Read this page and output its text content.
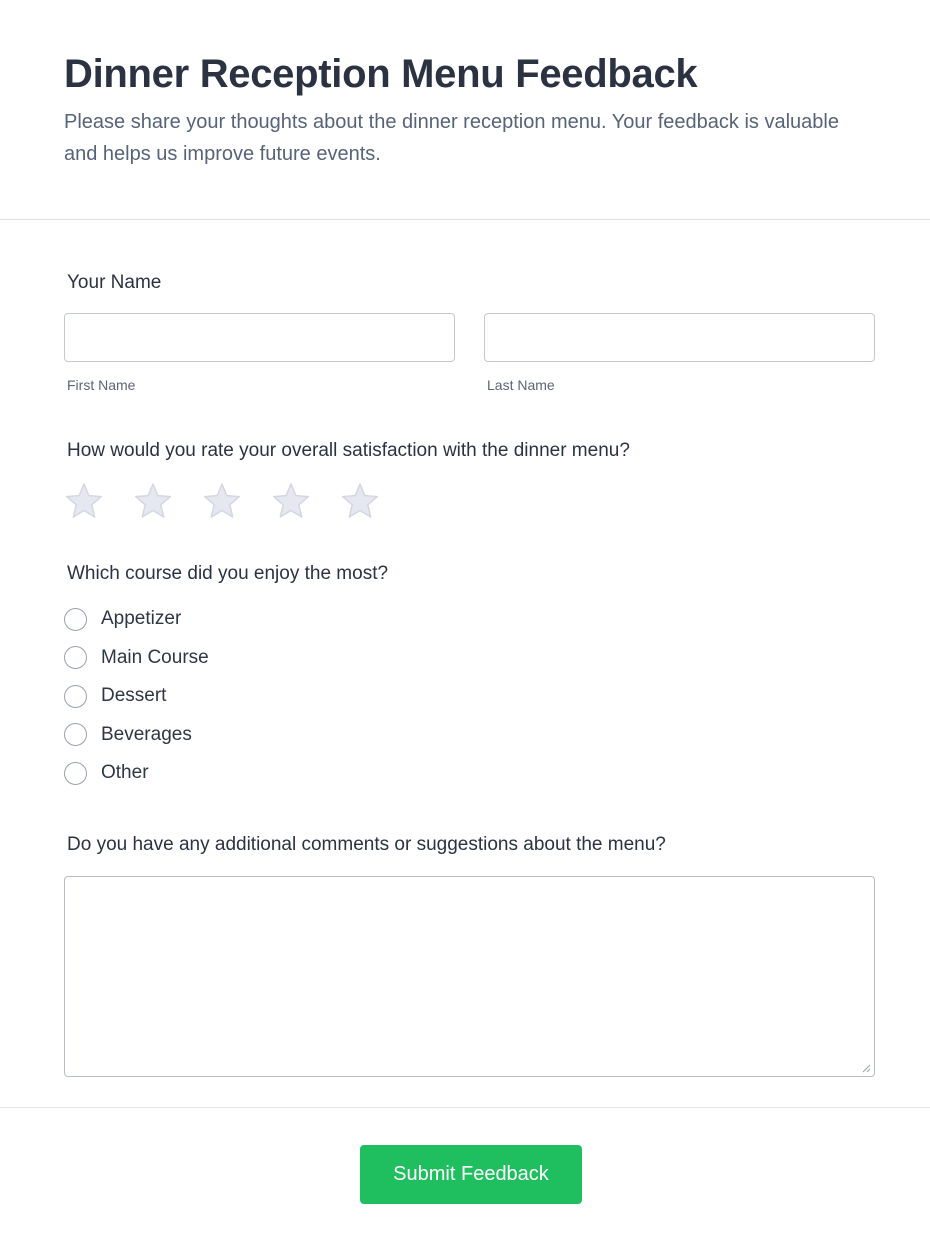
Dinner Reception Menu Feedback

Please share your thoughts about the dinner reception menu. Your feedback is valuable and helps us improve future events.

Your Name
First Name	Last Name
How would you rate your overall satisfaction with the dinner menu?
Which course did you enjoy the most?
Appetizer
Main Course
Dessert
Beverages
Other
Do you have any additional comments or suggestions about the menu?
Submit Feedback
